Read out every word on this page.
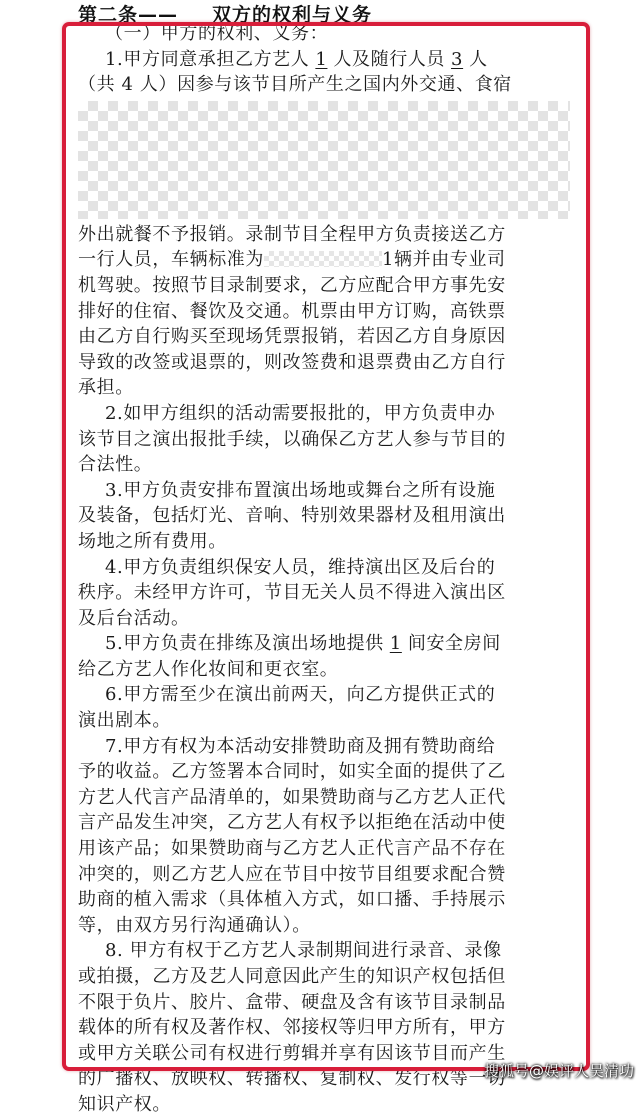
第二条—— 双方的权利与义务
（一）甲方的权利、义务：
1.甲方同意承担乙方艺人 1 人及随行人员 3 人
（共 4 人）因参与该节目所产生之国内外交通、食宿
外出就餐不予报销。录制节目全程甲方负责接送乙方
一行人员，车辆标准为	1辆并由专业司
机驾驶。按照节目录制要求，乙方应配合甲方事先安
排好的住宿、餐饮及交通。机票由甲方订购，高铁票
由乙方自行购买至现场凭票报销，若因乙方自身原因
导致的改签或退票的，则改签费和退票费由乙方自行
承担。
2.如甲方组织的活动需要报批的，甲方负责申办
该节目之演出报批手续，以确保乙方艺人参与节目的
合法性。
3.甲方负责安排布置演出场地或舞台之所有设施
及装备，包括灯光、音响、特别效果器材及租用演出
场地之所有费用。
4.甲方负责组织保安人员，维持演出区及后台的
秩序。未经甲方许可，节目无关人员不得进入演出区
及后台活动。
5.甲方负责在排练及演出场地提供 1 间安全房间
给乙方艺人作化妆间和更衣室。
6.甲方需至少在演出前两天，向乙方提供正式的
演出剧本。
7.甲方有权为本活动安排赞助商及拥有赞助商给
予的收益。乙方签署本合同时，如实全面的提供了乙
方艺人代言产品清单的，如果赞助商与乙方艺人正代
言产品发生冲突，乙方艺人有权予以拒绝在活动中使
用该产品；如果赞助商与乙方艺人正代言产品不存在
冲突的，则乙方艺人应在节目中按节目组要求配合赞
助商的植入需求（具体植入方式，如口播、手持展示
等，由双方另行沟通确认）。
8. 甲方有权于乙方艺人录制期间进行录音、录像
或拍摄，乙方及艺人同意因此产生的知识产权包括但
不限于负片、胶片、盒带、硬盘及含有该节目录制品
载体的所有权及著作权、邻接权等归甲方所有，甲方
或甲方关联公司有权进行剪辑并享有因该节目而产生
的广播权、放映权、转播权、复制权、发行权等一切
知识产权。
搜狐号@娱评人吴清功
